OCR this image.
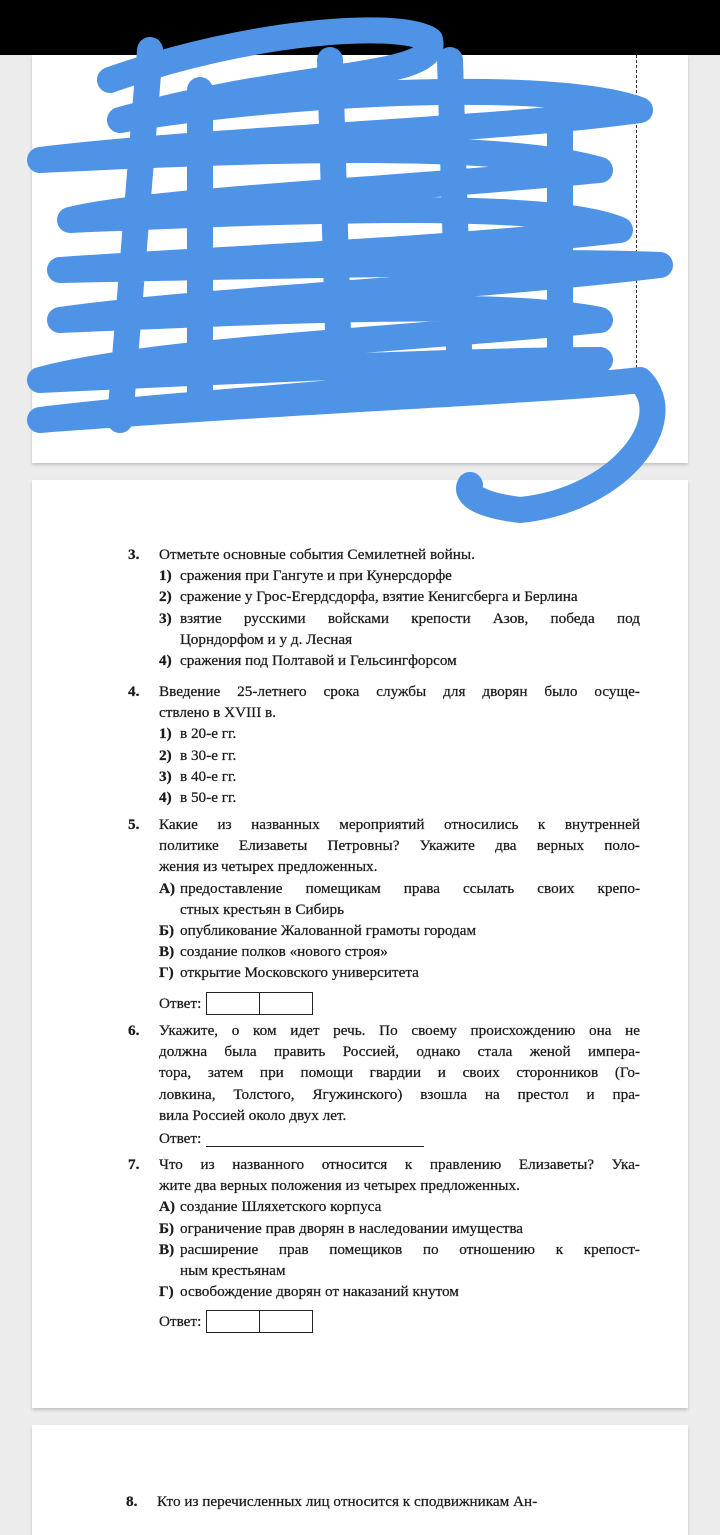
3. Отметьте основные события Семилетней войны.
1) сражения при Гангуте и при Кунерсдорфе
2) сражение у Грос-Егердсдорфа, взятие Кенигсберга и Берлина
3) взятие русскими войсками крепости Азов, победа под
Цорндорфом и у д. Лесная
4) сражения под Полтавой и Гельсингфорсом
4. Введение 25-летнего срока службы для дворян было осуще-
ствлено в XVIII в.
1) в 20-е гг.
2) в 30-е гг.
3) в 40-е гг.
4) в 50-е гг.
5. Какие из названных мероприятий относились к внутренней
политике Елизаветы Петровны? Укажите два верных поло-
жения из четырех предложенных.
А) предоставление помещикам права ссылать своих крепо-
стных крестьян в Сибирь
Б) опубликование Жалованной грамоты городам
В) создание полков «нового строя»
Г) открытие Московского университета
Ответ:
6. Укажите, о ком идет речь. По своему происхождению она не
должна была править Россией, однако стала женой импера-
тора, затем при помощи гвардии и своих сторонников (Го-
ловкина, Толстого, Ягужинского) взошла на престол и пра-
вила Россией около двух лет.
Ответ:
7. Что из названного относится к правлению Елизаветы? Ука-
жите два верных положения из четырех предложенных.
А) создание Шляхетского корпуса
Б) ограничение прав дворян в наследовании имущества
В) расширение прав помещиков по отношению к крепост-
ным крестьянам
Г) освобождение дворян от наказаний кнутом
Ответ:
8. Кто из перечисленных лиц относится к сподвижникам Ан-
